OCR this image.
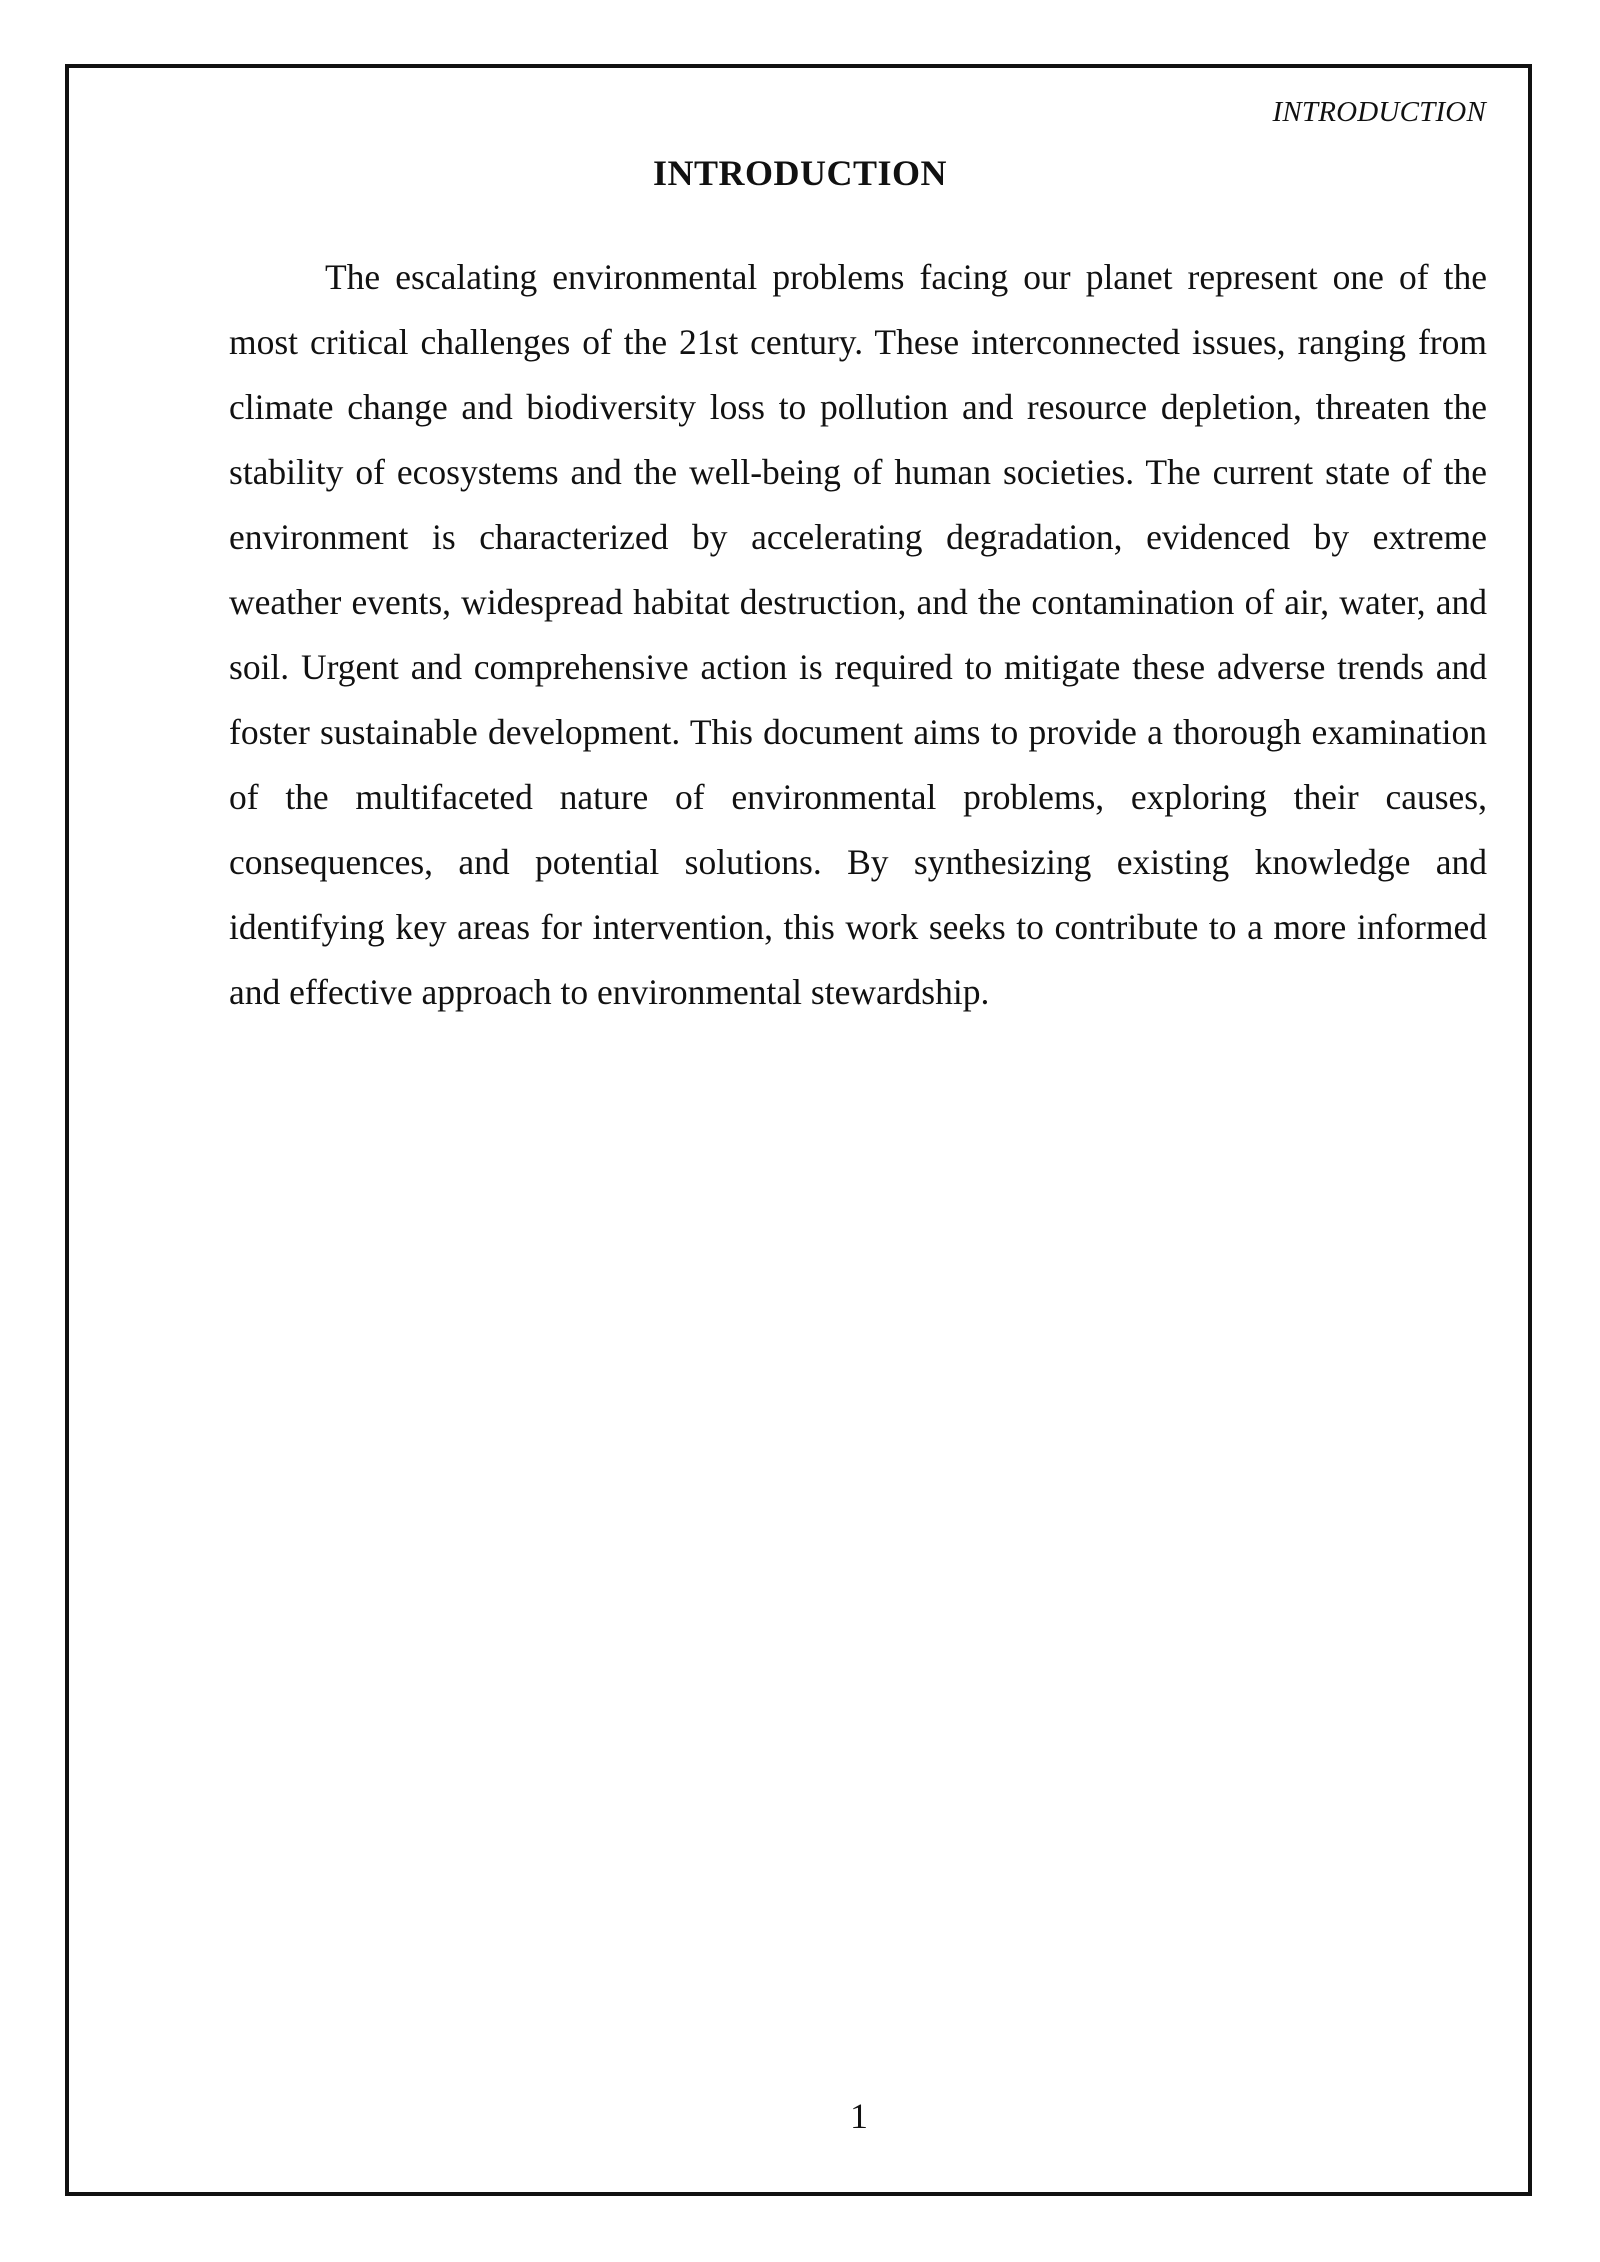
INTRODUCTION
INTRODUCTION

The escalating environmental problems facing our planet represent one of the most critical challenges of the 21st century. These interconnected issues, ranging from climate change and biodiversity loss to pollution and resource depletion, threaten the stability of ecosystems and the well-being of human societies. The current state of the environment is characterized by accelerating degradation, evidenced by extreme weather events, widespread habitat destruction, and the contamination of air, water, and soil. Urgent and comprehensive action is required to mitigate these adverse trends and foster sustainable development. This document aims to provide a thorough examination of the multifaceted nature of environmental problems, exploring their causes, consequences, and potential solutions. By synthesizing existing knowledge and identifying key areas for intervention, this work seeks to contribute to a more informed and effective approach to environmental stewardship.

1
